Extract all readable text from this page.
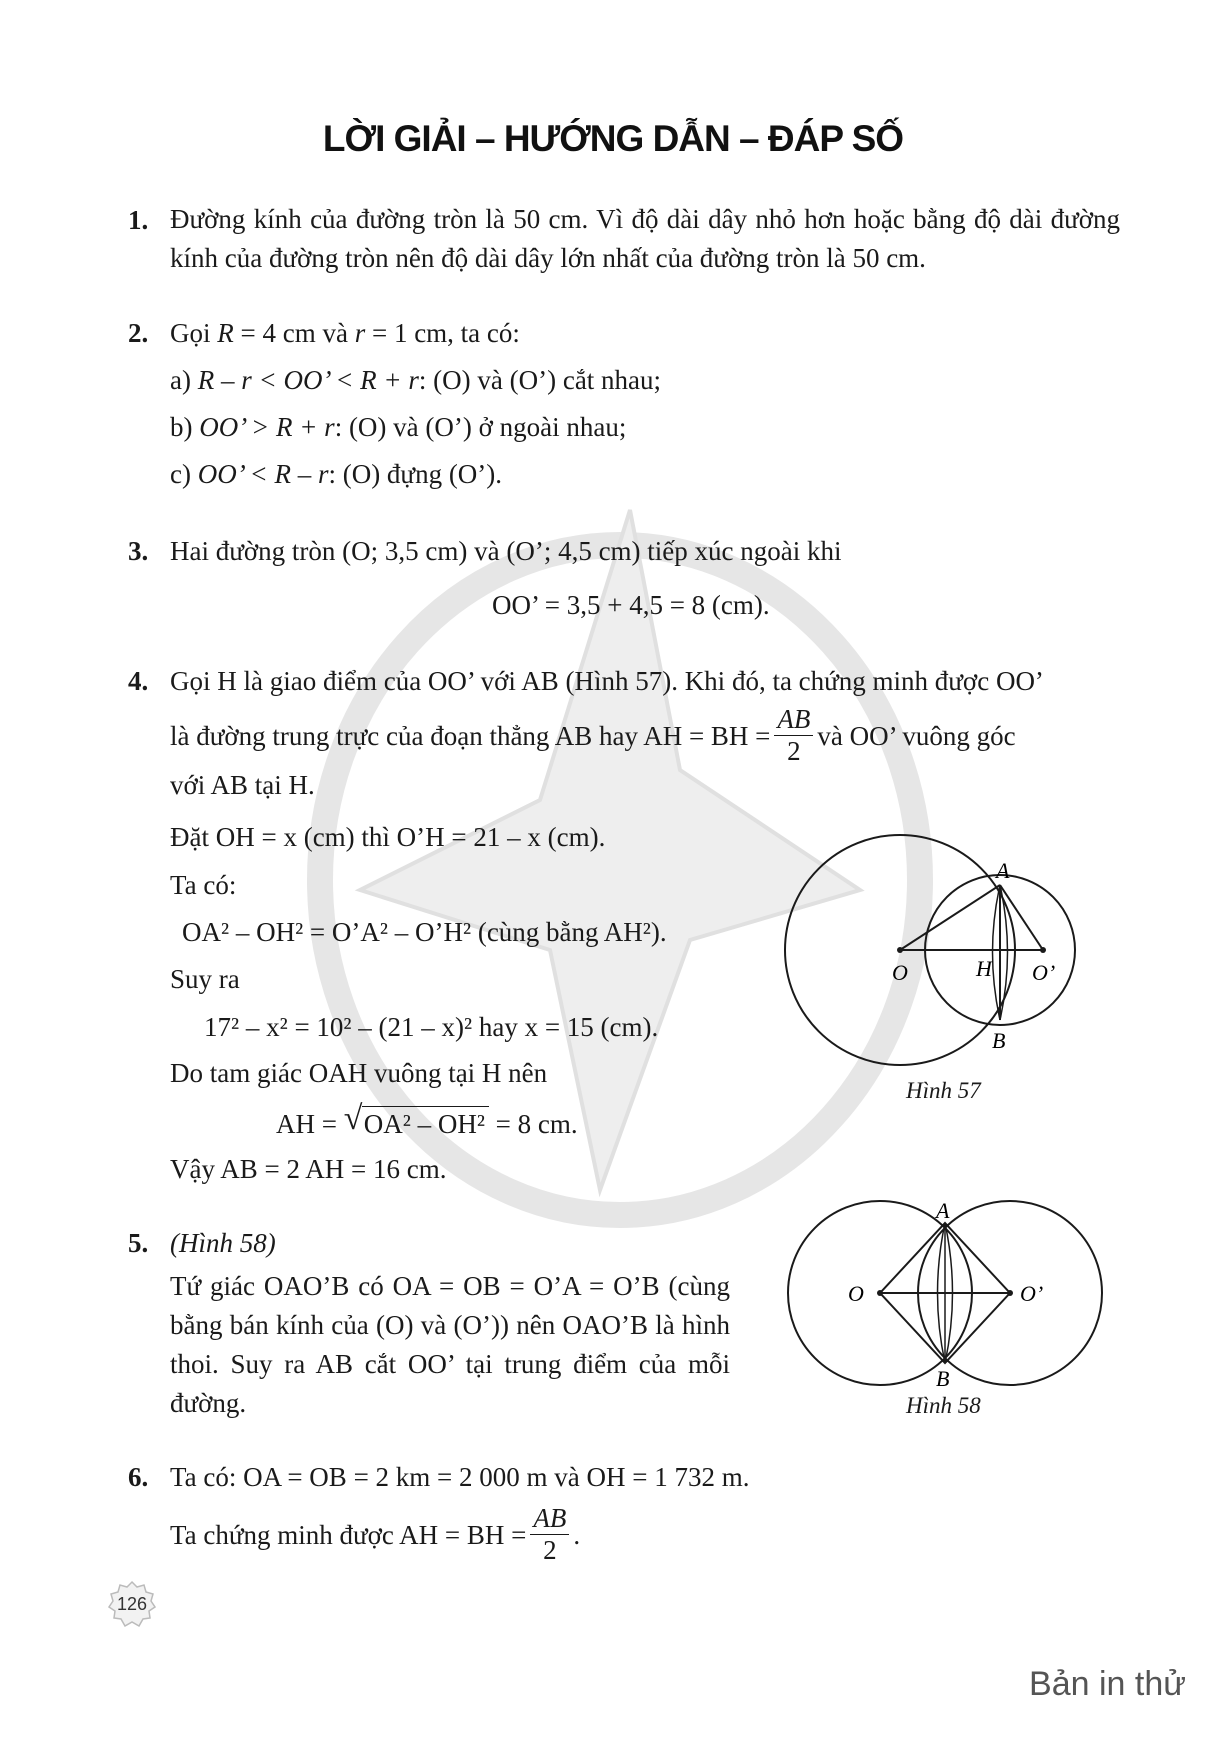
LỜI GIẢI – HƯỚNG DẪN – ĐÁP SỐ
1. Đường kính của đường tròn là 50 cm. Vì độ dài dây nhỏ hơn hoặc bằng độ dài đường kính của đường tròn nên độ dài dây lớn nhất của đường tròn là 50 cm.
2. Gọi R = 4 cm và r = 1 cm, ta có:
a) R – r < OO’ < R + r: (O) và (O’) cắt nhau;
b) OO’ > R + r: (O) và (O’) ở ngoài nhau;
c) OO’ < R – r: (O) đựng (O’).
3. Hai đường tròn (O; 3,5 cm) và (O’; 4,5 cm) tiếp xúc ngoài khi
OO’ = 3,5 + 4,5 = 8 (cm).
4. Gọi H là giao điểm của OO’ với AB (Hình 57). Khi đó, ta chứng minh được OO’
là đường trung trực của đoạn thẳng AB hay AH = BH = $\frac{AB}{2}$ và OO’ vuông góc
với AB tại H.
Đặt OH = x (cm) thì O’H = 21 – x (cm).
Ta có:
OA² – OH² = O’A² – O’H² (cùng bằng AH²).
Suy ra
17² – x² = 10² – (21 – x)² hay x = 15 (cm).
Do tam giác OAH vuông tại H nên
AH = √ OA² – OH² = 8 cm.
Vậy AB = 2 AH = 16 cm.
A
B
O	H O’
Hình 57
5. (Hình 58)
Tứ giác OAO’B có OA = OB = O’A = O’B (cùng bằng bán kính của (O) và (O’)) nên OAO’B là hình thoi. Suy ra AB cắt OO’ tại trung điểm của mỗi đường.
A
B
O	O’
Hình 58
6. Ta có: OA = OB = 2 km = 2 000 m và OH = 1 732 m.
Ta chứng minh được AH = BH = $\frac{AB}{2}$ .
126
Bản in thử
